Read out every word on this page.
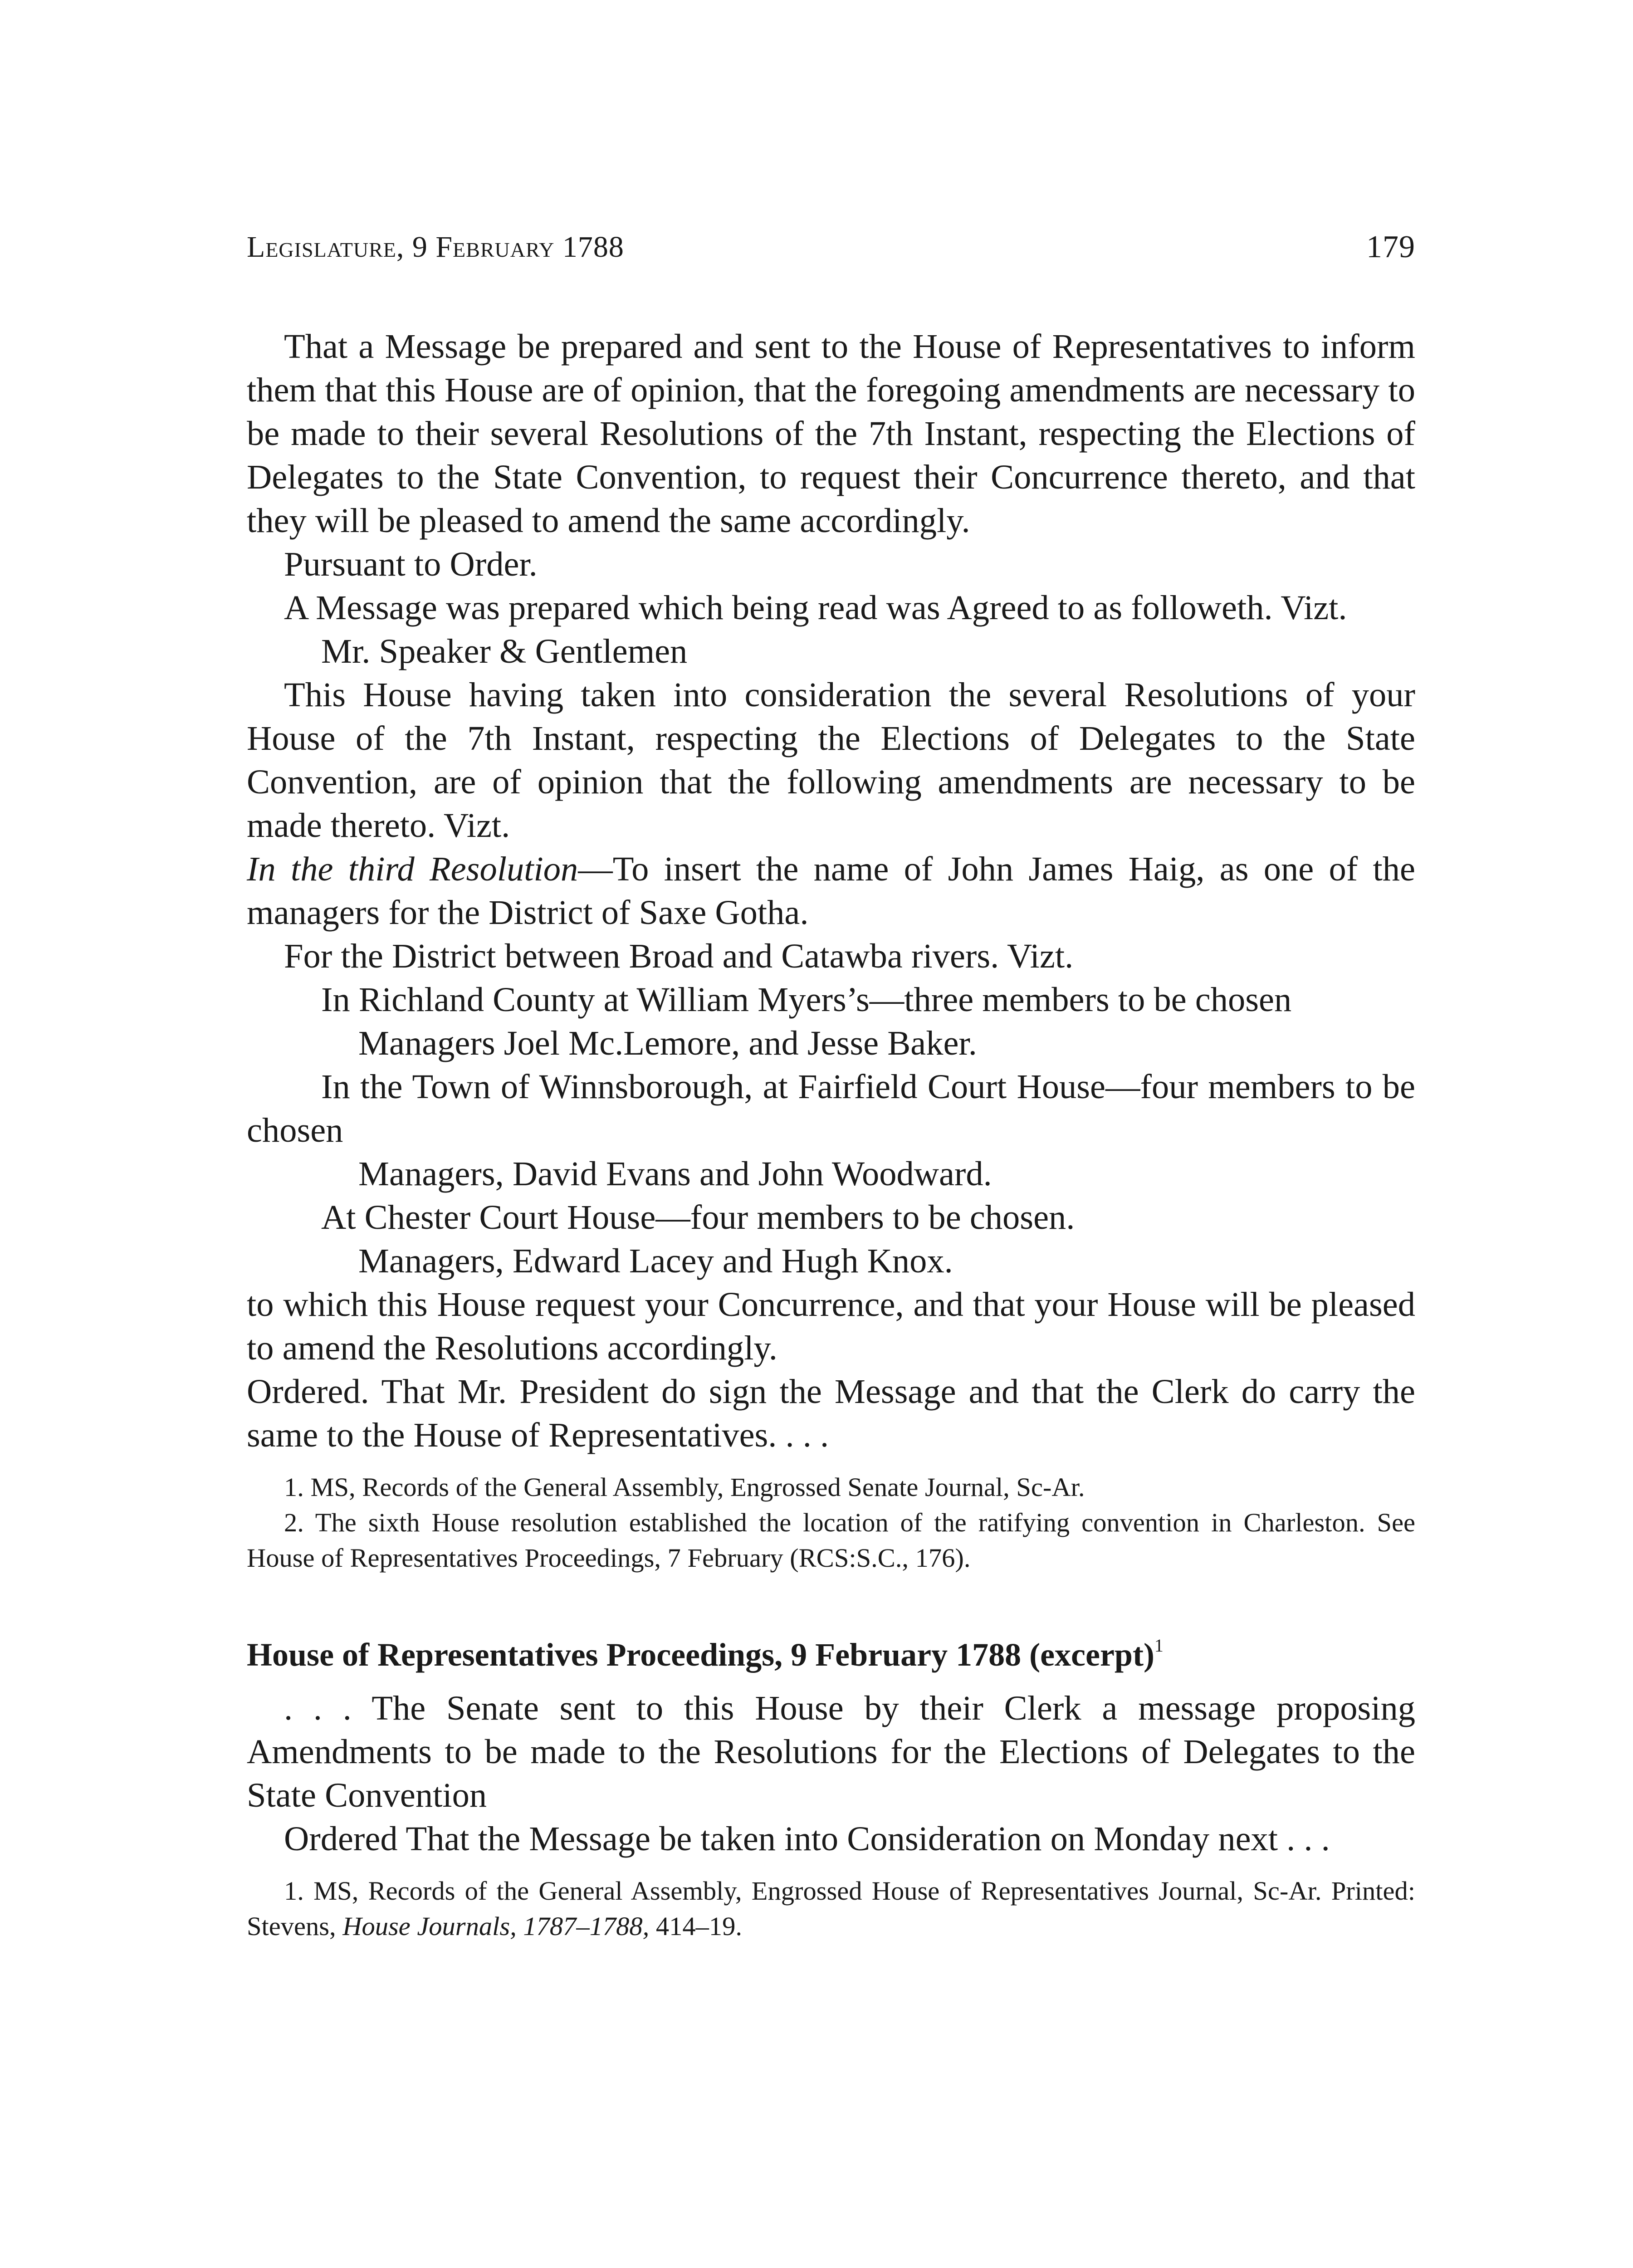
Legislature, 9 February 1788	179

That a Message be prepared and sent to the House of Representatives to inform them that this House are of opinion, that the foregoing amendments are necessary to be made to their several Resolutions of the 7th Instant, respecting the Elections of Delegates to the State Convention, to request their Concurrence thereto, and that they will be pleased to amend the same accordingly.

Pursuant to Order.

A Message was prepared which being read was Agreed to as followeth. Vizt.

Mr. Speaker & Gentlemen

This House having taken into consideration the several Resolutions of your House of the 7th Instant, respecting the Elections of Delegates to the State Convention, are of opinion that the following amendments are necessary to be made thereto. Vizt.

In the third Resolution—To insert the name of John James Haig, as one of the managers for the District of Saxe Gotha.

For the District between Broad and Catawba rivers. Vizt.

In Richland County at William Myers’s—three members to be chosen

Managers Joel Mc.Lemore, and Jesse Baker.

In the Town of Winnsborough, at Fairfield Court House—four members to be chosen

Managers, David Evans and John Woodward.

At Chester Court House—four members to be chosen.

Managers, Edward Lacey and Hugh Knox.

to which this House request your Concurrence, and that your House will be pleased to amend the Resolutions accordingly.

Ordered. That Mr. President do sign the Message and that the Clerk do carry the same to the House of Representatives. . . .

1. MS, Records of the General Assembly, Engrossed Senate Journal, Sc-Ar.

2. The sixth House resolution established the location of the ratifying convention in Charleston. See House of Representatives Proceedings, 7 February (RCS:S.C., 176).

House of Representatives Proceedings, 9 February 1788 (excerpt)$^1$

. . . The Senate sent to this House by their Clerk a message proposing Amendments to be made to the Resolutions for the Elections of Delegates to the State Convention

Ordered That the Message be taken into Consideration on Monday next . . .

1. MS, Records of the General Assembly, Engrossed House of Representatives Journal, Sc-Ar. Printed: Stevens, House Journals, 1787–1788, 414–19.
